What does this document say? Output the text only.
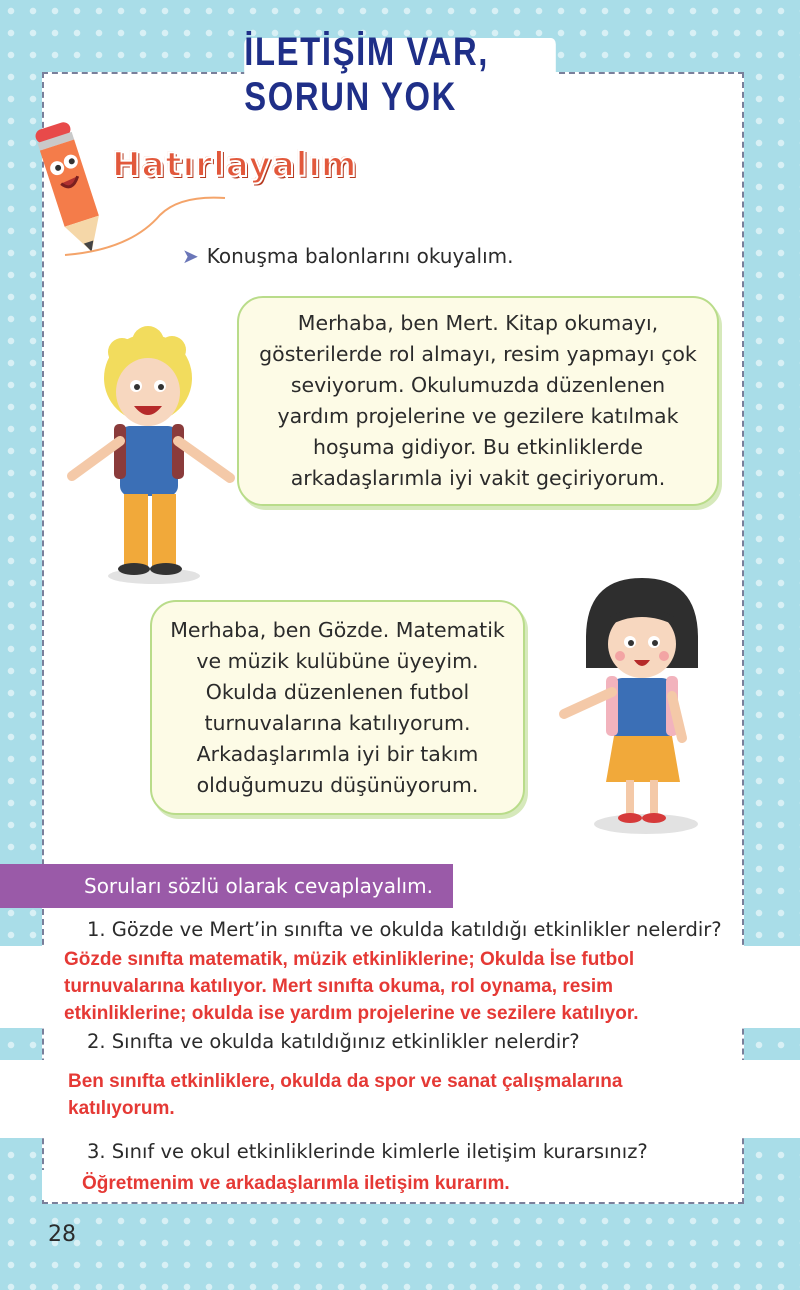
İLETİŞİM VAR, SORUN YOK
Hatırlayalım
➤ Konuşma balonlarını okuyalım.
Merhaba, ben Mert. Kitap okumayı, gösterilerde rol almayı, resim yapmayı çok seviyorum. Okulumuzda düzenlenen yardım projelerine ve gezilere katılmak hoşuma gidiyor. Bu etkinliklerde arkadaşlarımla iyi vakit geçiriyorum.
Merhaba, ben Gözde. Matematik ve müzik kulübüne üyeyim. Okulda düzenlenen futbol turnuvalarına katılıyorum. Arkadaşlarımla iyi bir takım olduğumuzu düşünüyorum.
Soruları sözlü olarak cevaplayalım.
1. Gözde ve Mert’in sınıfta ve okulda katıldığı etkinlikler nelerdir?
Gözde sınıfta matematik, müzik etkinliklerine; Okulda İse futbol turnuvalarına katılıyor. Mert sınıfta okuma, rol oynama, resim etkinliklerine; okulda ise yardım projelerine ve sezilere katılıyor.
2. Sınıfta ve okulda katıldığınız etkinlikler nelerdir?
Ben sınıfta etkinliklere, okulda da spor ve sanat çalışmalarına katılıyorum.
3. Sınıf ve okul etkinliklerinde kimlerle iletişim kurarsınız?
Öğretmenim ve arkadaşlarımla iletişim kurarım.
28
